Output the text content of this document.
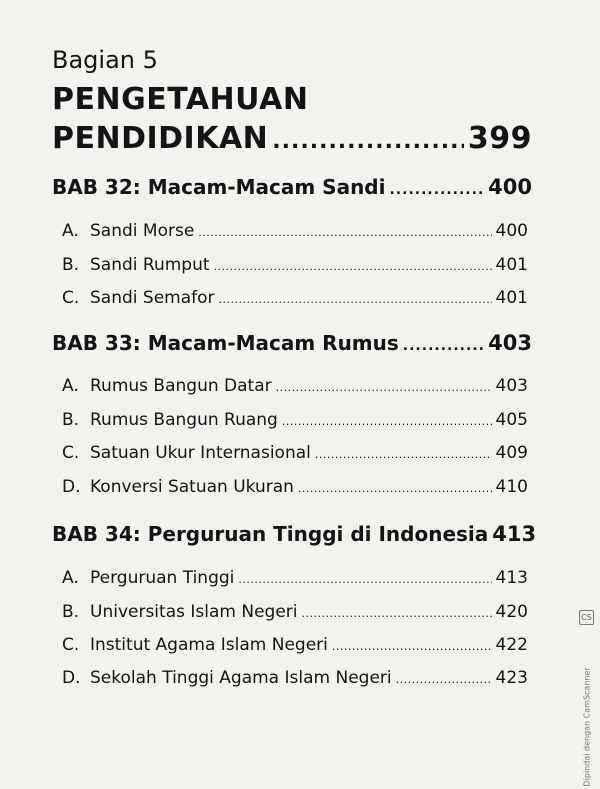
Bagian 5
PENGETAHUAN
PENDIDIKAN .....	399
BAB 32: Macam-Macam Sandi .....	400
A. Sandi Morse .....	400
B. Sandi Rumput .....	401
C. Sandi Semafor .....	401
BAB 33: Macam-Macam Rumus .....	403
A. Rumus Bangun Datar .....	403
B. Rumus Bangun Ruang .....	405
C. Satuan Ukur Internasional .....	409
D. Konversi Satuan Ukuran .....	410
BAB 34: Perguruan Tinggi di Indonesia 413
A. Perguruan Tinggi .....	413
B. Universitas Islam Negeri .....	420
C. Institut Agama Islam Negeri .....	422
D. Sekolah Tinggi Agama Islam Negeri .....	423
CS
Dipindai dengan CamScanner
